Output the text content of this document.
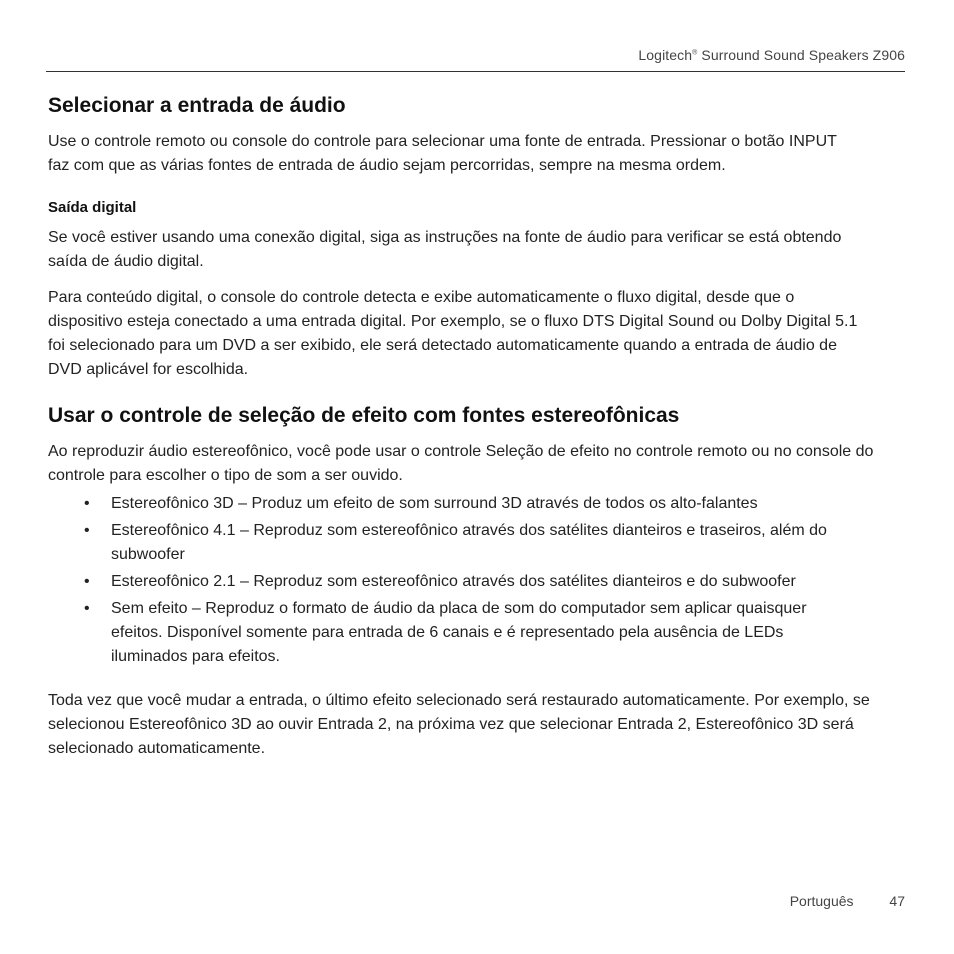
Logitech® Surround Sound Speakers Z906
Selecionar a entrada de áudio

Use o controle remoto ou console do controle para selecionar uma fonte de entrada. Pressionar o botão INPUT faz com que as várias fontes de entrada de áudio sejam percorridas, sempre na mesma ordem.

Saída digital

Se você estiver usando uma conexão digital, siga as instruções na fonte de áudio para verificar se está obtendo saída de áudio digital.

Para conteúdo digital, o console do controle detecta e exibe automaticamente o fluxo digital, desde que o dispositivo esteja conectado a uma entrada digital. Por exemplo, se o fluxo DTS Digital Sound ou Dolby Digital 5.1 foi selecionado para um DVD a ser exibido, ele será detectado automaticamente quando a entrada de áudio de DVD aplicável for escolhida.

Usar o controle de seleção de efeito com fontes estereofônicas

Ao reproduzir áudio estereofônico, você pode usar o controle Seleção de efeito no controle remoto ou no console do controle para escolher o tipo de som a ser ouvido.

• Estereofônico 3D – Produz um efeito de som surround 3D através de todos os alto-falantes
• Estereofônico 4.1 – Reproduz som estereofônico através dos satélites dianteiros e traseiros, além do subwoofer
• Estereofônico 2.1 – Reproduz som estereofônico através dos satélites dianteiros e do subwoofer
• Sem efeito – Reproduz o formato de áudio da placa de som do computador sem aplicar quaisquer efeitos. Disponível somente para entrada de 6 canais e é representado pela ausência de LEDs iluminados para efeitos.

Toda vez que você mudar a entrada, o último efeito selecionado será restaurado automaticamente. Por exemplo, se selecionou Estereofônico 3D ao ouvir Entrada 2, na próxima vez que selecionar Entrada 2, Estereofônico 3D será selecionado automaticamente.

Português	47
